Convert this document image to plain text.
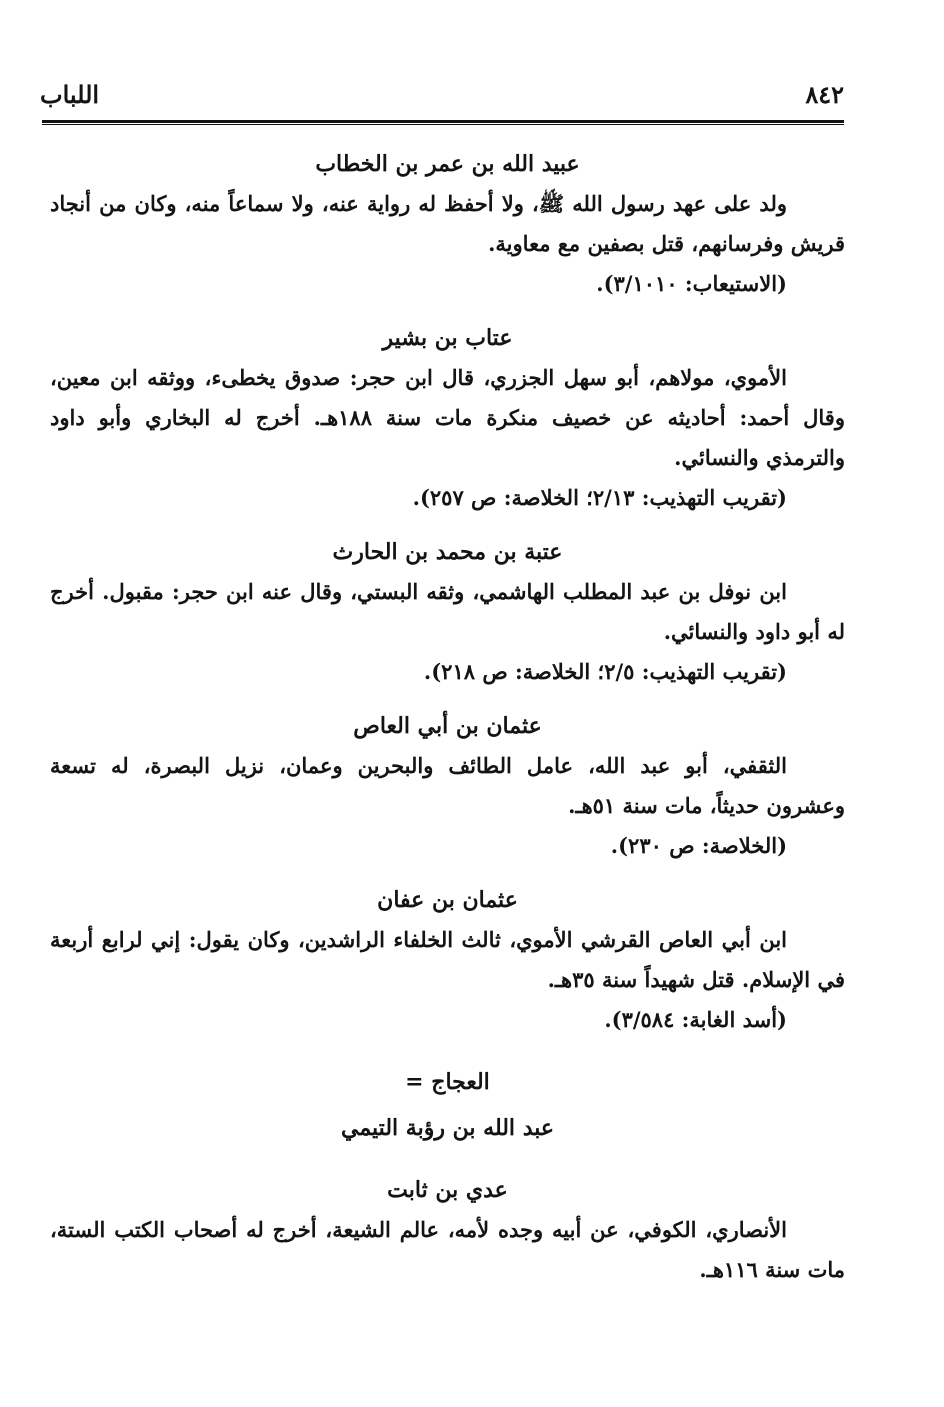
٨٤٢
اللباب
عبيد الله بن عمر بن الخطاب
ولد على عهد رسول الله ﷺ، ولا أحفظ له رواية عنه، ولا سماعاً منه، وكان من أنجاد قريش وفرسانهم، قتل بصفين مع معاوية.
(الاستيعاب: ٣/١٠١٠).
عتاب بن بشير
الأموي، مولاهم، أبو سهل الجزري، قال ابن حجر: صدوق يخطىء، ووثقه ابن معين، وقال أحمد: أحاديثه عن خصيف منكرة مات سنة ١٨٨هـ. أخرج له البخاري وأبو داود والترمذي والنسائي.
(تقريب التهذيب: ٢/١٣؛ الخلاصة: ص ٢٥٧).
عتبة بن محمد بن الحارث
ابن نوفل بن عبد المطلب الهاشمي، وثقه البستي، وقال عنه ابن حجر: مقبول. أخرج له أبو داود والنسائي.
(تقريب التهذيب: ٢/٥؛ الخلاصة: ص ٢١٨).
عثمان بن أبي العاص
الثقفي، أبو عبد الله، عامل الطائف والبحرين وعمان، نزيل البصرة، له تسعة وعشرون حديثاً، مات سنة ٥١هـ.
(الخلاصة: ص ٢٣٠).
عثمان بن عفان
ابن أبي العاص القرشي الأموي، ثالث الخلفاء الراشدين، وكان يقول: إني لرابع أربعة في الإسلام. قتل شهيداً سنة ٣٥هـ.
(أسد الغابة: ٣/٥٨٤).
العجاج =
عبد الله بن رؤبة التيمي
عدي بن ثابت
الأنصاري، الكوفي، عن أبيه وجده لأمه، عالم الشيعة، أخرج له أصحاب الكتب الستة، مات سنة ١١٦هـ.
